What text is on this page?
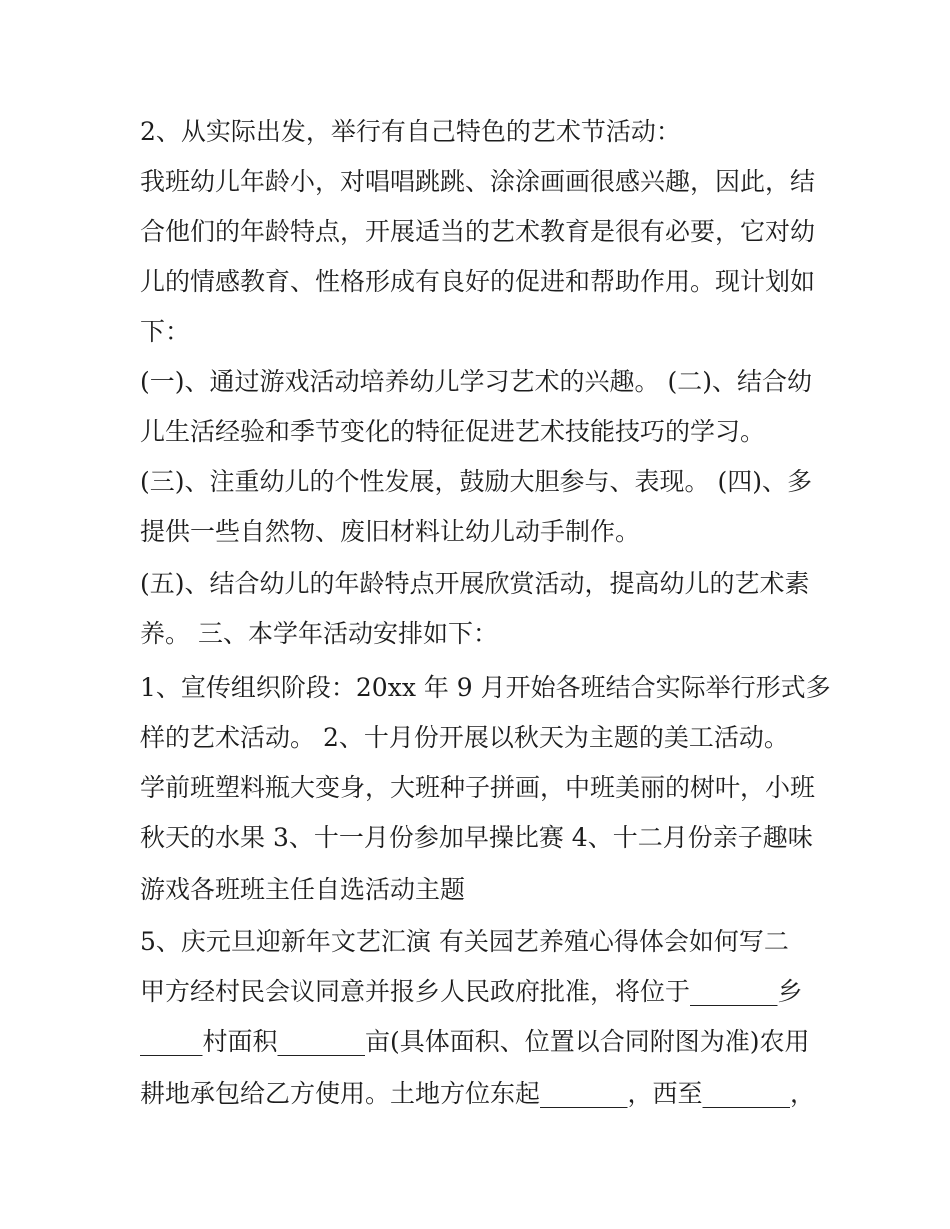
2、从实际出发，举行有自己特色的艺术节活动：
我班幼儿年龄小，对唱唱跳跳、涂涂画画很感兴趣，因此，结
合他们的年龄特点，开展适当的艺术教育是很有必要，它对幼
儿的情感教育、性格形成有良好的促进和帮助作用。现计划如
下：
(一)、通过游戏活动培养幼儿学习艺术的兴趣。 (二)、结合幼
儿生活经验和季节变化的特征促进艺术技能技巧的学习。
(三)、注重幼儿的个性发展，鼓励大胆参与、表现。 (四)、多
提供一些自然物、废旧材料让幼儿动手制作。
(五)、结合幼儿的年龄特点开展欣赏活动，提高幼儿的艺术素
养。 三、本学年活动安排如下：
1、宣传组织阶段：20xx 年 9 月开始各班结合实际举行形式多
样的艺术活动。 2、十月份开展以秋天为主题的美工活动。
学前班塑料瓶大变身，大班种子拼画，中班美丽的树叶，小班
秋天的水果 3、十一月份参加早操比赛 4、十二月份亲子趣味
游戏各班班主任自选活动主题
5、庆元旦迎新年文艺汇演 有关园艺养殖心得体会如何写二
甲方经村民会议同意并报乡人民政府批准，将位于_______乡
_____村面积_______亩(具体面积、位置以合同附图为准)农用
耕地承包给乙方使用。土地方位东起_______，西至_______，
